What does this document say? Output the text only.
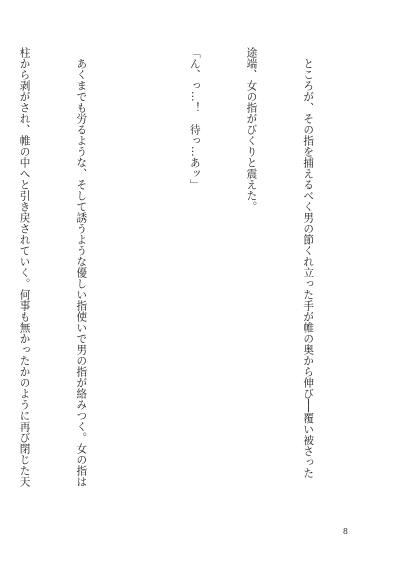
　ところが、その指を捕えるべく男の節くれ立った手が帷の奥から伸び──覆い被さった

途端、女の指がびくりと震えた。

「ん、っ…！　待っ…あッ」

　あくまでも労るような、そして誘うような優しい指使いで男の指が絡みつく。女の指は

柱から剥がされ、帷の中へと引き戻されていく。何事も無かったかのように再び閉じた天

8
